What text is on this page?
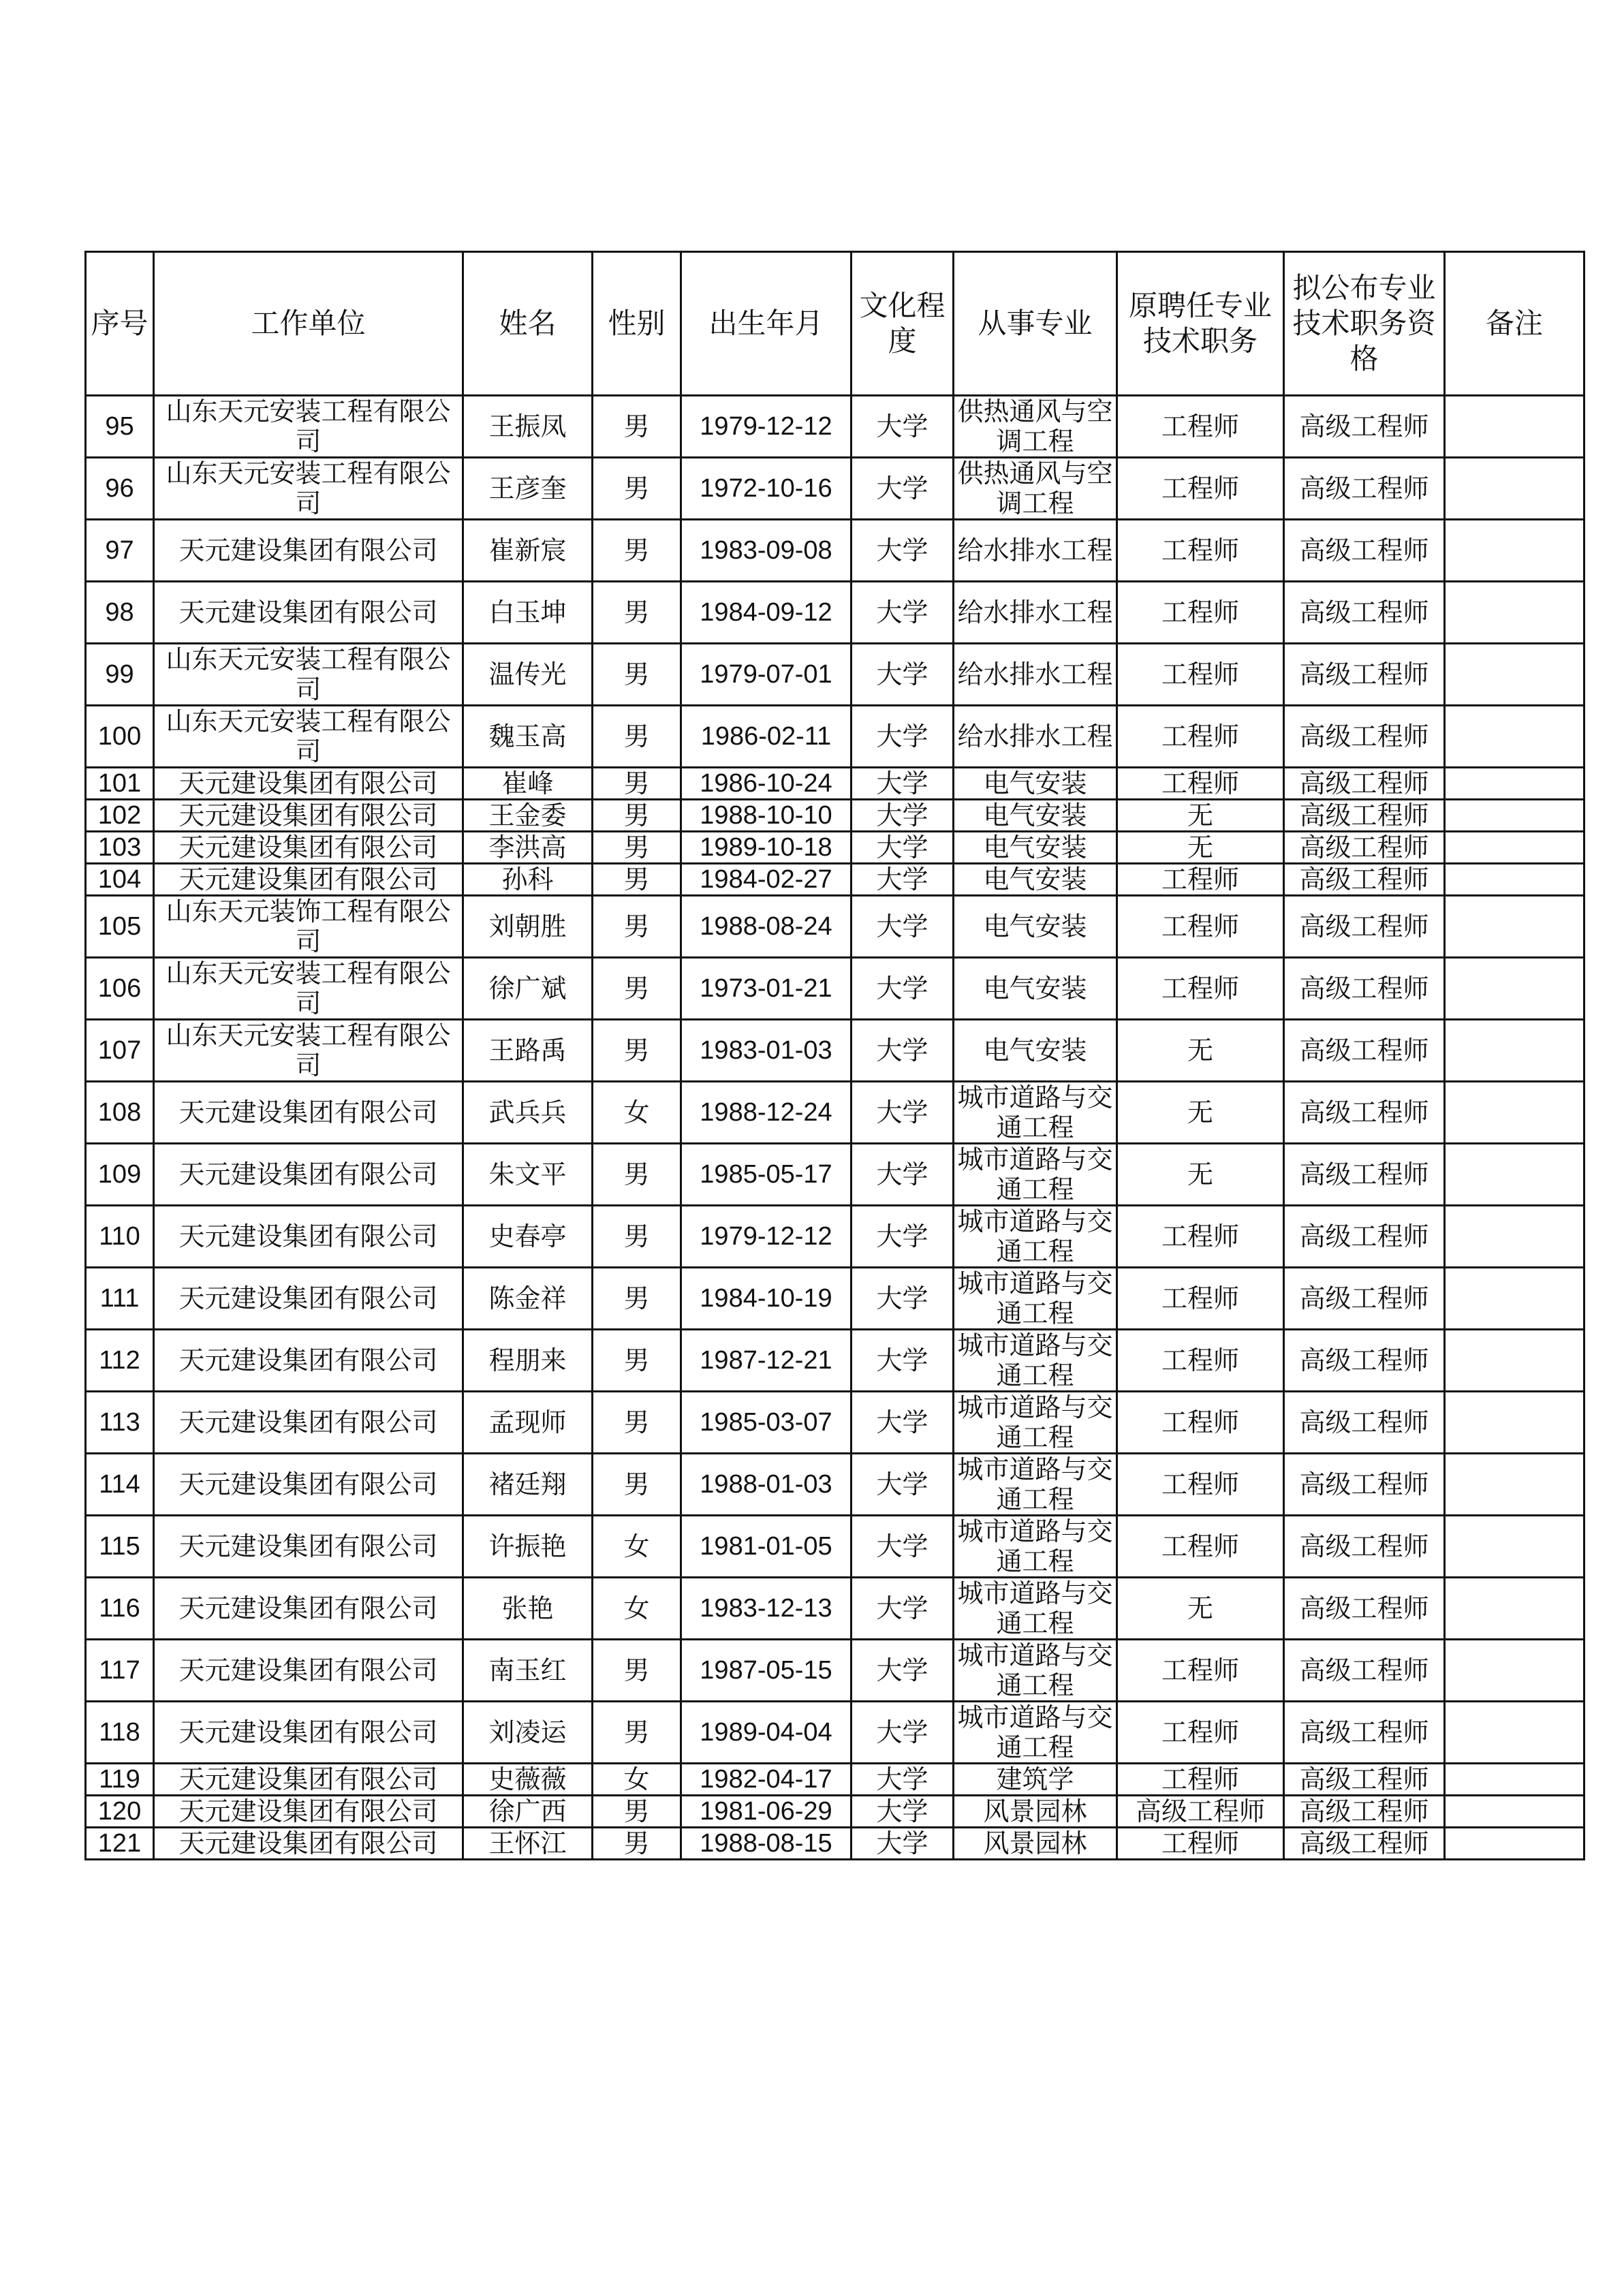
序号	工作单位	姓名	性别	出生年月	文化程度	从事专业	原聘任专业技术职务	拟公布专业技术职务资格	备注
95	山东天元安装工程有限公司	王振凤	男	1979-12-12	大学	供热通风与空调工程	工程师	高级工程师	
96	山东天元安装工程有限公司	王彦奎	男	1972-10-16	大学	供热通风与空调工程	工程师	高级工程师	
97	天元建设集团有限公司	崔新宸	男	1983-09-08	大学	给水排水工程	工程师	高级工程师	
98	天元建设集团有限公司	白玉坤	男	1984-09-12	大学	给水排水工程	工程师	高级工程师	
99	山东天元安装工程有限公司	温传光	男	1979-07-01	大学	给水排水工程	工程师	高级工程师	
100	山东天元安装工程有限公司	魏玉高	男	1986-02-11	大学	给水排水工程	工程师	高级工程师	
101	天元建设集团有限公司	崔峰	男	1986-10-24	大学	电气安装	工程师	高级工程师	
102	天元建设集团有限公司	王金委	男	1988-10-10	大学	电气安装	无	高级工程师	
103	天元建设集团有限公司	李洪高	男	1989-10-18	大学	电气安装	无	高级工程师	
104	天元建设集团有限公司	孙科	男	1984-02-27	大学	电气安装	工程师	高级工程师	
105	山东天元装饰工程有限公司	刘朝胜	男	1988-08-24	大学	电气安装	工程师	高级工程师	
106	山东天元安装工程有限公司	徐广斌	男	1973-01-21	大学	电气安装	工程师	高级工程师	
107	山东天元安装工程有限公司	王路禹	男	1983-01-03	大学	电气安装	无	高级工程师	
108	天元建设集团有限公司	武兵兵	女	1988-12-24	大学	城市道路与交通工程	无	高级工程师	
109	天元建设集团有限公司	朱文平	男	1985-05-17	大学	城市道路与交通工程	无	高级工程师	
110	天元建设集团有限公司	史春亭	男	1979-12-12	大学	城市道路与交通工程	工程师	高级工程师	
111	天元建设集团有限公司	陈金祥	男	1984-10-19	大学	城市道路与交通工程	工程师	高级工程师	
112	天元建设集团有限公司	程朋来	男	1987-12-21	大学	城市道路与交通工程	工程师	高级工程师	
113	天元建设集团有限公司	孟现师	男	1985-03-07	大学	城市道路与交通工程	工程师	高级工程师	
114	天元建设集团有限公司	褚廷翔	男	1988-01-03	大学	城市道路与交通工程	工程师	高级工程师	
115	天元建设集团有限公司	许振艳	女	1981-01-05	大学	城市道路与交通工程	工程师	高级工程师	
116	天元建设集团有限公司	张艳	女	1983-12-13	大学	城市道路与交通工程	无	高级工程师	
117	天元建设集团有限公司	南玉红	男	1987-05-15	大学	城市道路与交通工程	工程师	高级工程师	
118	天元建设集团有限公司	刘凌运	男	1989-04-04	大学	城市道路与交通工程	工程师	高级工程师	
119	天元建设集团有限公司	史薇薇	女	1982-04-17	大学	建筑学	工程师	高级工程师	
120	天元建设集团有限公司	徐广西	男	1981-06-29	大学	风景园林	高级工程师	高级工程师	
121	天元建设集团有限公司	王怀江	男	1988-08-15	大学	风景园林	工程师	高级工程师	
